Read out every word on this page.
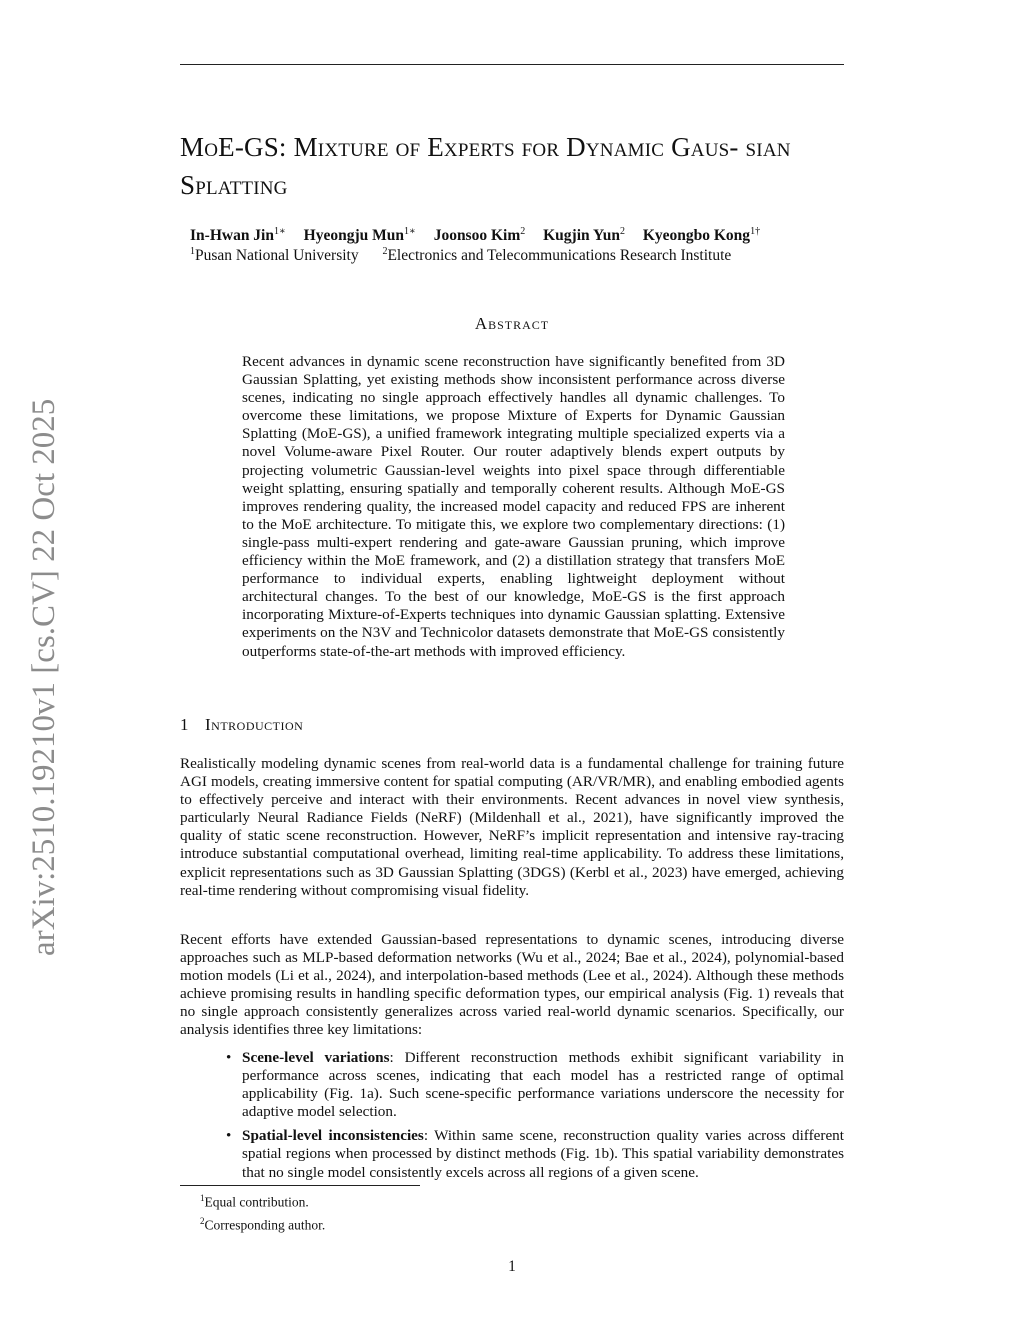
arXiv:2510.19210v1 [cs.CV] 22 Oct 2025
MoE-GS: Mixture of Experts for Dynamic Gaus- sian Splatting
In-Hwan Jin$^{1∗}$ Hyeongju Mun$^{1∗}$ Joonsoo Kim$^2$ Kugjin Yun$^2$ Kyeongbo Kong$^{1\dagger}$
$^1$Pusan National University $^2$Electronics and Telecommunications Research Institute
Abstract
Recent advances in dynamic scene reconstruction have significantly benefited from 3D Gaussian Splatting, yet existing methods show inconsistent performance across diverse scenes, indicating no single approach effectively handles all dynamic challenges. To overcome these limitations, we propose Mixture of Experts for Dynamic Gaussian Splatting (MoE-GS), a unified framework integrating multiple specialized experts via a novel Volume-aware Pixel Router. Our router adaptively blends expert outputs by projecting volumetric Gaussian-level weights into pixel space through differentiable weight splatting, ensuring spatially and temporally coherent results. Although MoE-GS improves rendering quality, the increased model capacity and reduced FPS are inherent to the MoE architecture. To mitigate this, we explore two complementary directions: (1) single-pass multi-expert rendering and gate-aware Gaussian pruning, which improve efficiency within the MoE framework, and (2) a distillation strategy that transfers MoE performance to individual experts, enabling lightweight deployment without architectural changes. To the best of our knowledge, MoE-GS is the first approach incorporating Mixture-of-Experts techniques into dynamic Gaussian splatting. Extensive experiments on the N3V and Technicolor datasets demonstrate that MoE-GS consistently outperforms state-of-the-art methods with improved efficiency.
1 Introduction
Realistically modeling dynamic scenes from real-world data is a fundamental challenge for training future AGI models, creating immersive content for spatial computing (AR/VR/MR), and enabling embodied agents to effectively perceive and interact with their environments. Recent advances in novel view synthesis, particularly Neural Radiance Fields (NeRF) (Mildenhall et al., 2021), have significantly improved the quality of static scene reconstruction. However, NeRF’s implicit representation and intensive ray-tracing introduce substantial computational overhead, limiting real-time applicability. To address these limitations, explicit representations such as 3D Gaussian Splatting (3DGS) (Kerbl et al., 2023) have emerged, achieving real-time rendering without compromising visual fidelity.
Recent efforts have extended Gaussian-based representations to dynamic scenes, introducing diverse approaches such as MLP-based deformation networks (Wu et al., 2024; Bae et al., 2024), polynomial-based motion models (Li et al., 2024), and interpolation-based methods (Lee et al., 2024). Although these methods achieve promising results in handling specific deformation types, our empirical analysis (Fig. 1) reveals that no single approach consistently generalizes across varied real-world dynamic scenarios. Specifically, our analysis identifies three key limitations:
• Scene-level variations: Different reconstruction methods exhibit significant variability in performance across scenes, indicating that each model has a restricted range of optimal applicability (Fig. 1a). Such scene-specific performance variations underscore the necessity for adaptive model selection.
• Spatial-level inconsistencies: Within same scene, reconstruction quality varies across different spatial regions when processed by distinct methods (Fig. 1b). This spatial variability demonstrates that no single model consistently excels across all regions of a given scene.
$^1$Equal contribution.
$^2$Corresponding author.
1
